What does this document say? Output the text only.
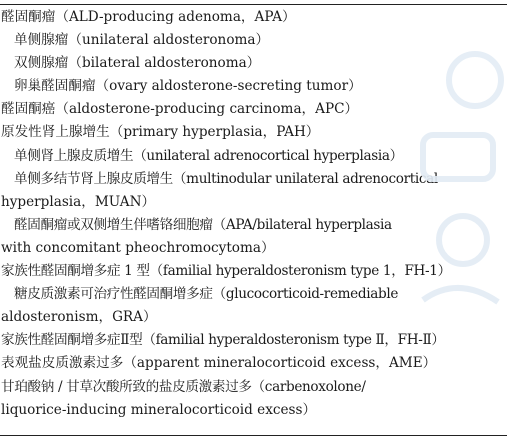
醛固酮瘤（ALD-producing adenoma，APA）
单侧腺瘤（unilateral aldosteronoma）
双侧腺瘤（bilateral aldosteronoma）
卵巢醛固酮瘤（ovary aldosterone-secreting tumor）
醛固酮癌（aldosterone-producing carcinoma，APC）
原发性肾上腺增生（primary hyperplasia，PAH）
单侧肾上腺皮质增生（unilateral adrenocortical hyperplasia）
单侧多结节肾上腺皮质增生（multinodular unilateral adrenocortical
hyperplasia，MUAN）
醛固酮瘤或双侧增生伴嗜铬细胞瘤（APA/bilateral hyperplasia
with concomitant pheochromocytoma）
家族性醛固酮增多症 1 型（familial hyperaldosteronism type 1，FH-1）
糖皮质激素可治疗性醛固酮增多症（glucocorticoid-remediable
aldosteronism，GRA）
家族性醛固酮增多症Ⅱ型（familial hyperaldosteronism type Ⅱ，FH-Ⅱ）
表观盐皮质激素过多（apparent mineralocorticoid excess，AME）
甘珀酸钠 / 甘草次酸所致的盐皮质激素过多（carbenoxolone/
liquorice-inducing mineralocorticoid excess）
